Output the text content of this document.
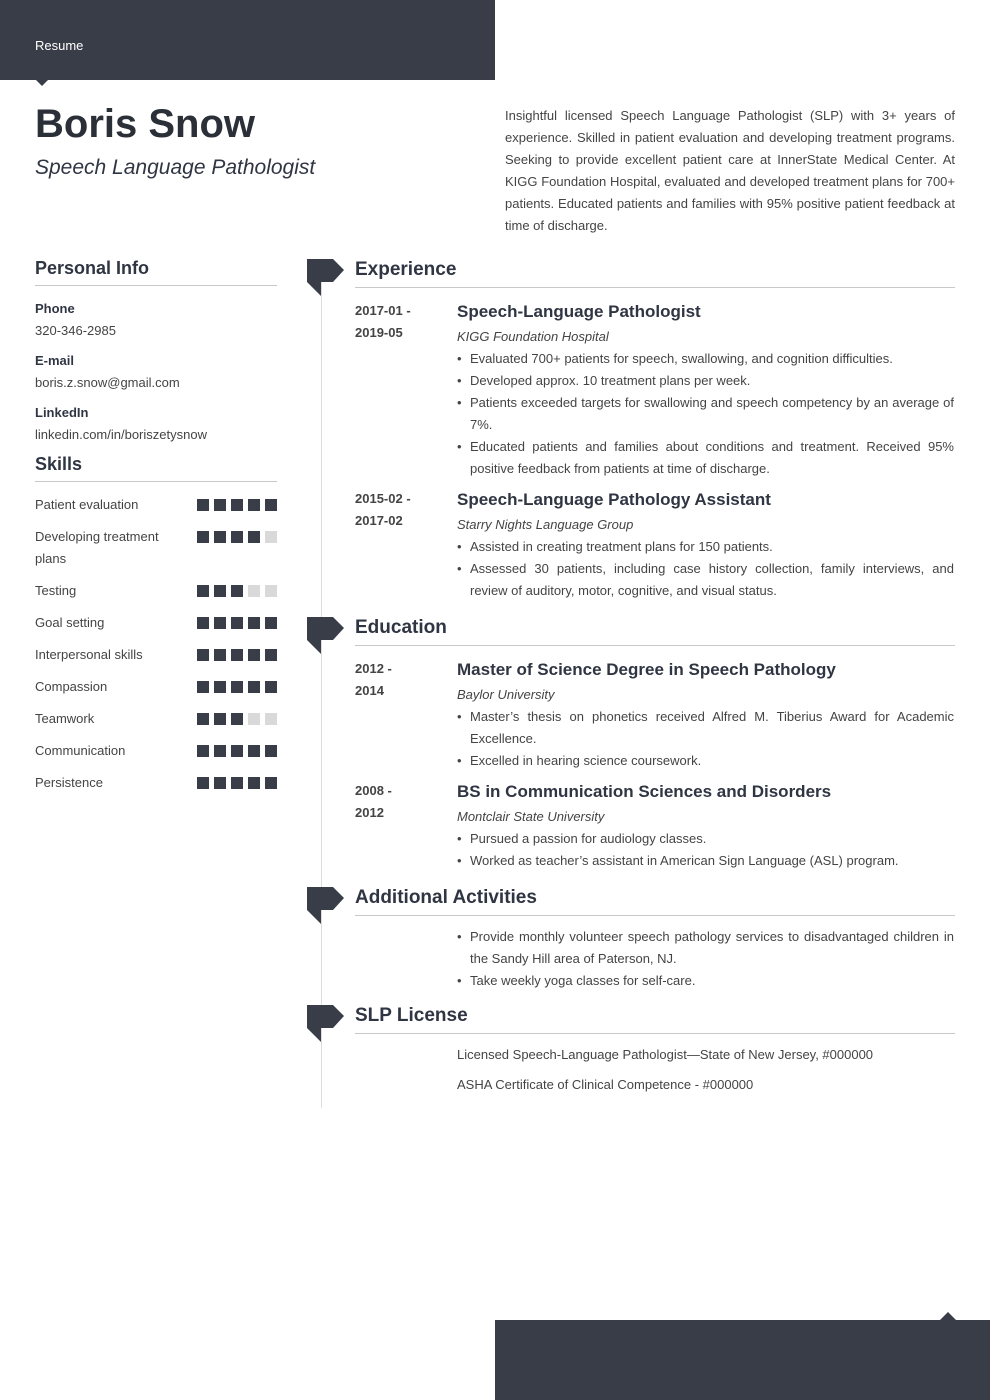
Resume
Boris Snow
Speech Language Pathologist

Insightful licensed Speech Language Pathologist (SLP) with 3+ years of experience. Skilled in patient evaluation and developing treatment programs. Seeking to provide excellent patient care at InnerState Medical Center. At KIGG Foundation Hospital, evaluated and developed treatment plans for 700+ patients. Educated patients and families with 95% positive patient feedback at time of discharge.

Personal Info
Phone
320-346-2985
E-mail
boris.z.snow@gmail.com
LinkedIn
linkedin.com/in/boriszetysnow
Skills
Patient evaluation
Developing treatment plans
Testing
Goal setting
Interpersonal skills
Compassion
Teamwork
Communication
Persistence
Experience
2017-01 -
2019-05
Speech-Language Pathologist
KIGG Foundation Hospital
• Evaluated 700+ patients for speech, swallowing, and cognition difficulties.
• Developed approx. 10 treatment plans per week.
• Patients exceeded targets for swallowing and speech competency by an average of 7%.
• Educated patients and families about conditions and treatment. Received 95% positive feedback from patients at time of discharge.
2015-02 -
2017-02
Speech-Language Pathology Assistant
Starry Nights Language Group
• Assisted in creating treatment plans for 150 patients.
• Assessed 30 patients, including case history collection, family interviews, and review of auditory, motor, cognitive, and visual status.
Education
2012 -
2014
Master of Science Degree in Speech Pathology
Baylor University
• Master’s thesis on phonetics received Alfred M. Tiberius Award for Academic Excellence.
• Excelled in hearing science coursework.
2008 -
2012
BS in Communication Sciences and Disorders
Montclair State University
• Pursued a passion for audiology classes.
• Worked as teacher’s assistant in American Sign Language (ASL) program.
Additional Activities
• Provide monthly volunteer speech pathology services to disadvantaged children in the Sandy Hill area of Paterson, NJ.
• Take weekly yoga classes for self-care.
SLP License
Licensed Speech-Language Pathologist—State of New Jersey, #000000
ASHA Certificate of Clinical Competence - #000000
